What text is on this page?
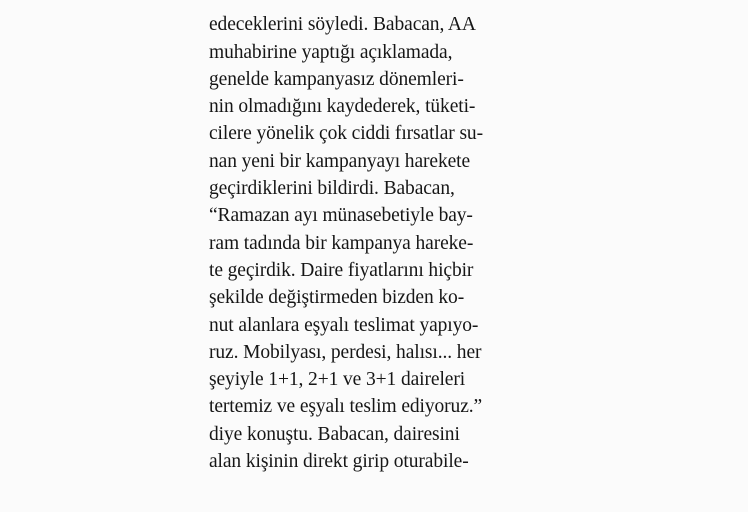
edeceklerini söyledi. Babacan, AA
muhabirine yaptığı açıklamada,
genelde kampanyasız dönemleri-
nin olmadığını kaydederek, tüketi-
cilere yönelik çok ciddi fırsatlar su-
nan yeni bir kampanyayı harekete
geçirdiklerini bildirdi. Babacan,
“Ramazan ayı münasebetiyle bay-
ram tadında bir kampanya hareke-
te geçirdik. Daire fiyatlarını hiçbir
şekilde değiştirmeden bizden ko-
nut alanlara eşyalı teslimat yapıyo-
ruz. Mobilyası, perdesi, halısı... her
şeyiyle 1+1, 2+1 ve 3+1 daireleri
tertemiz ve eşyalı teslim ediyoruz.”
diye konuştu. Babacan, dairesini
alan kişinin direkt girip oturabile-
